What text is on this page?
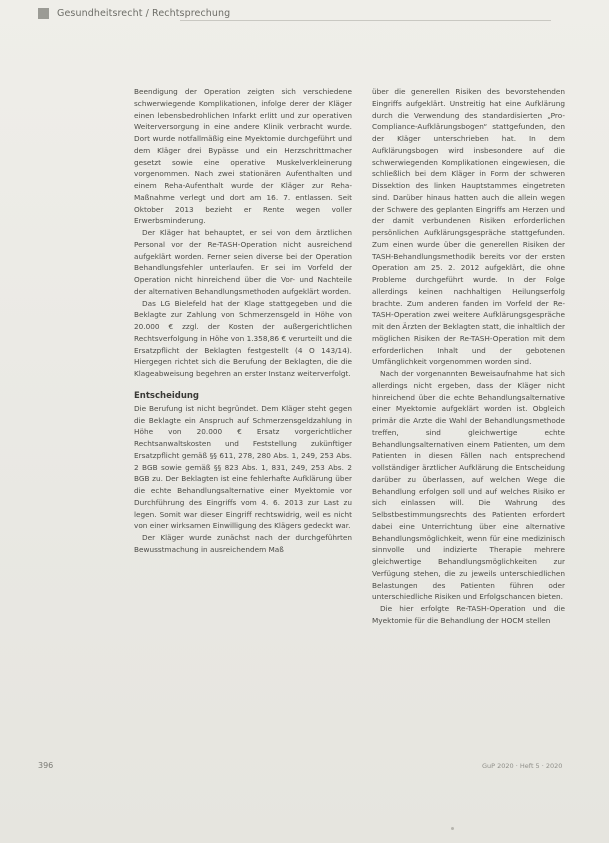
Gesundheitsrecht / Rechtsprechung

Beendigung der Operation zeigten sich verschiedene schwerwiegende Komplikationen, infolge derer der Kläger einen lebensbedrohlichen Infarkt erlitt und zur operativen Weiterversorgung in eine andere Klinik verbracht wurde. Dort wurde notfallmäßig eine Myektomie durchgeführt und dem Kläger drei Bypässe und ein Herzschrittmacher gesetzt sowie eine operative Muskelverkleinerung vorgenommen. Nach zwei stationären Aufenthalten und einem Reha-Aufenthalt wurde der Kläger zur Reha-Maßnahme verlegt und dort am 16. 7. entlassen. Seit Oktober 2013 bezieht er Rente wegen voller Erwerbsminderung.

Der Kläger hat behauptet, er sei von dem ärztlichen Personal vor der Re-TASH-Operation nicht ausreichend aufgeklärt worden. Ferner seien diverse bei der Operation Behandlungsfehler unterlaufen. Er sei im Vorfeld der Operation nicht hinreichend über die Vor- und Nachteile der alternativen Behandlungsmethoden aufgeklärt worden.

Das LG Bielefeld hat der Klage stattgegeben und die Beklagte zur Zahlung von Schmerzensgeld in Höhe von 20.000 € zzgl. der Kosten der außergerichtlichen Rechtsverfolgung in Höhe von 1.358,86 € verurteilt und die Ersatzpflicht der Beklagten festgestellt (4 O 143/14). Hiergegen richtet sich die Berufung der Beklagten, die die Klageabweisung begehren an erster Instanz weiterverfolgt.

Entscheidung

Die Berufung ist nicht begründet. Dem Kläger steht gegen die Beklagte ein Anspruch auf Schmerzensgeldzahlung in Höhe von 20.000 € Ersatz vorgerichtlicher Rechtsanwaltskosten und Feststellung zukünftiger Ersatzpflicht gemäß §§ 611, 278, 280 Abs. 1, 249, 253 Abs. 2 BGB sowie gemäß §§ 823 Abs. 1, 831, 249, 253 Abs. 2 BGB zu. Der Beklagten ist eine fehlerhafte Aufklärung über die echte Behandlungsalternative einer Myektomie vor Durchführung des Eingriffs vom 4. 6. 2013 zur Last zu legen. Somit war dieser Eingriff rechtswidrig, weil es nicht von einer wirksamen Einwilligung des Klägers gedeckt war.

Der Kläger wurde zunächst nach der durchgeführten Bewusstmachung in ausreichendem Maß

über die generellen Risiken des bevorstehenden Eingriffs aufgeklärt. Unstreitig hat eine Aufklärung durch die Verwendung des standardisierten „Pro-Compliance-Aufklärungsbogen“ stattgefunden, den der Kläger unterschrieben hat. In dem Aufklärungsbogen wird insbesondere auf die schwerwiegenden Komplikationen eingewiesen, die schließlich bei dem Kläger in Form der schweren Dissektion des linken Hauptstammes eingetreten sind. Darüber hinaus hatten auch die allein wegen der Schwere des geplanten Eingriffs am Herzen und der damit verbundenen Risiken erforderlichen persönlichen Aufklärungsgespräche stattgefunden. Zum einen wurde über die generellen Risiken der TASH-Behandlungsmethodik bereits vor der ersten Operation am 25. 2. 2012 aufgeklärt, die ohne Probleme durchgeführt wurde. In der Folge allerdings keinen nachhaltigen Heilungserfolg brachte. Zum anderen fanden im Vorfeld der Re-TASH-Operation zwei weitere Aufklärungsgespräche mit den Ärzten der Beklagten statt, die inhaltlich der möglichen Risiken der Re-TASH-Operation mit dem erforderlichen Inhalt und der gebotenen Umfänglichkeit vorgenommen worden sind.

Nach der vorgenannten Beweisaufnahme hat sich allerdings nicht ergeben, dass der Kläger nicht hinreichend über die echte Behandlungsalternative einer Myektomie aufgeklärt worden ist. Obgleich primär die Arzte die Wahl der Behandlungsmethode treffen, sind gleichwertige echte Behandlungsalternativen einem Patienten, um dem Patienten in diesen Fällen nach entsprechend vollständiger ärztlicher Aufklärung die Entscheidung darüber zu überlassen, auf welchen Wege die Behandlung erfolgen soll und auf welches Risiko er sich einlassen will. Die Wahrung des Selbstbestimmungsrechts des Patienten erfordert dabei eine Unterrichtung über eine alternative Behandlungsmöglichkeit, wenn für eine medizinisch sinnvolle und indizierte Therapie mehrere gleichwertige Behandlungsmöglichkeiten zur Verfügung stehen, die zu jeweils unterschiedlichen Belastungen des Patienten führen oder unterschiedliche Risiken und Erfolgschancen bieten.

Die hier erfolgte Re-TASH-Operation und die Myektomie für die Behandlung der HOCM stellen

396	GuP 2020 · Heft 5 · 2020
